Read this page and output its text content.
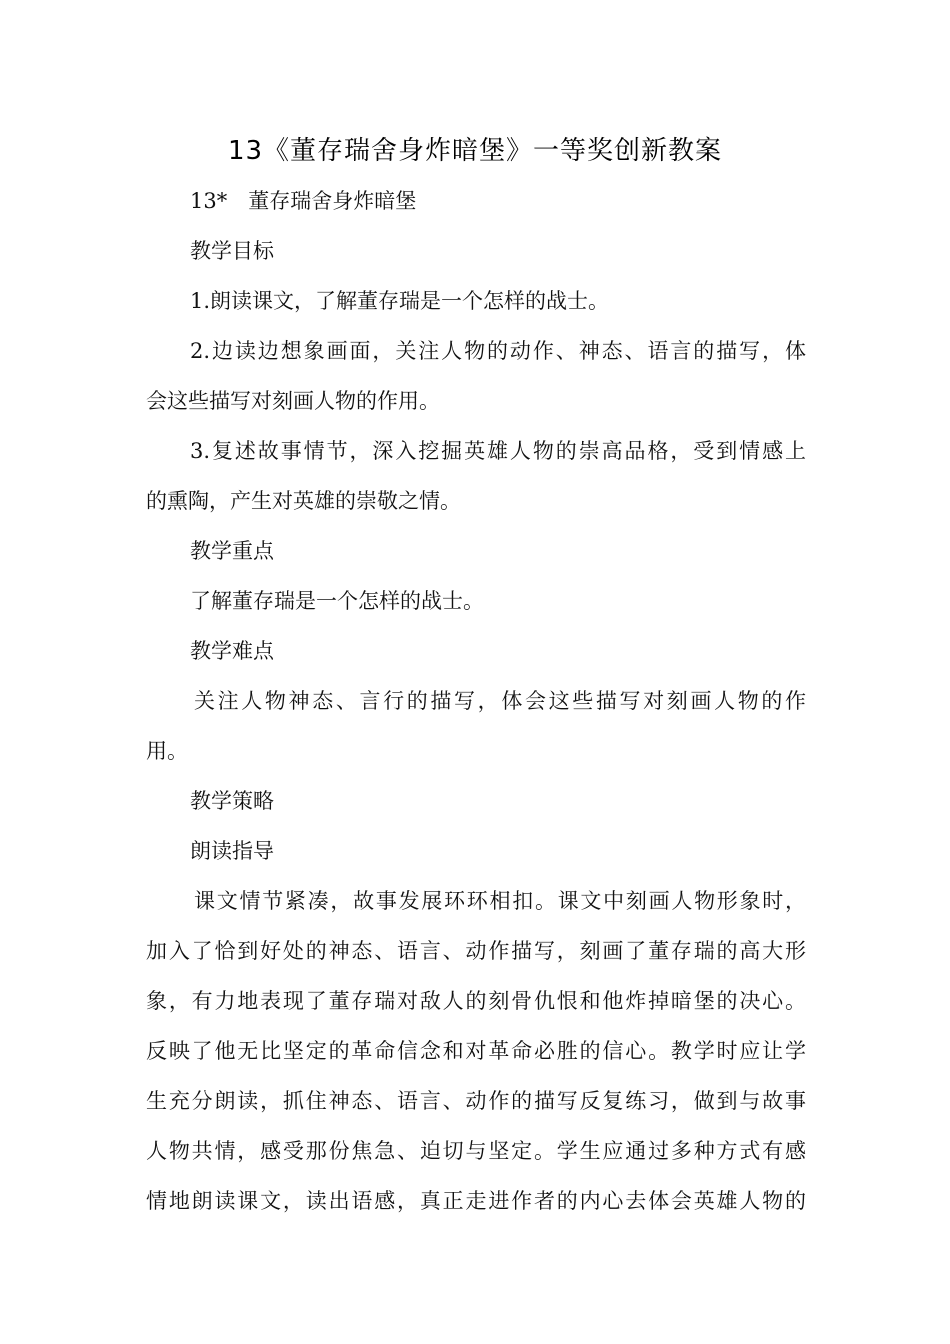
13《董存瑞舍身炸暗堡》一等奖创新教案
13*　董存瑞舍身炸暗堡
教学目标
1.朗读课文，了解董存瑞是一个怎样的战士。
2.边读边想象画面，关注人物的动作、神态、语言的描写，体
会这些描写对刻画人物的作用。
3.复述故事情节，深入挖掘英雄人物的崇高品格，受到情感上
的熏陶，产生对英雄的崇敬之情。
教学重点
了解董存瑞是一个怎样的战士。
教学难点
关注人物神态、言行的描写，体会这些描写对刻画人物的作
用。
教学策略
朗读指导
课文情节紧凑，故事发展环环相扣。课文中刻画人物形象时，
加入了恰到好处的神态、语言、动作描写，刻画了董存瑞的高大形
象，有力地表现了董存瑞对敌人的刻骨仇恨和他炸掉暗堡的决心。
反映了他无比坚定的革命信念和对革命必胜的信心。教学时应让学
生充分朗读，抓住神态、语言、动作的描写反复练习，做到与故事
人物共情，感受那份焦急、迫切与坚定。学生应通过多种方式有感
情地朗读课文，读出语感，真正走进作者的内心去体会英雄人物的
